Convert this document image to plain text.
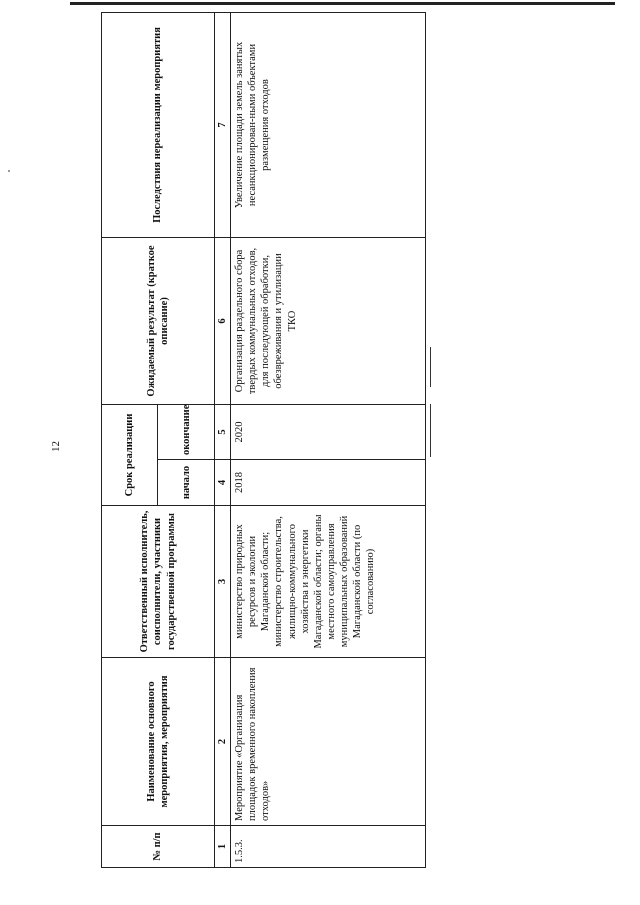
12
№ п/п	Наименование основного мероприятия, мероприятия	Ответственный исполнитель, соисполнители, участники государственной программы	Срок реализации		Ожидаемый результат (краткое описание)	Последствия нереализации мероприятия
			начало	окончание		
1	2	3	4	5	6	7
1.5.3.	Мероприятие «Организация площадок временного накопления отходов»	министерство природных ресурсов и экологии Магаданской области; министерство строительства, жилищно-коммунального хозяйства и энергетики Магаданской области; органы местного самоуправления муниципальных образований Магаданской области (по согласованию)	2018	2020	Организация раздельного сбора твердых коммунальных отходов, для последующей обработки, обезвреживания и утилизации ТКО	Увеличение площади земель занятых несанкционирован-ными объектами размещения отходов
